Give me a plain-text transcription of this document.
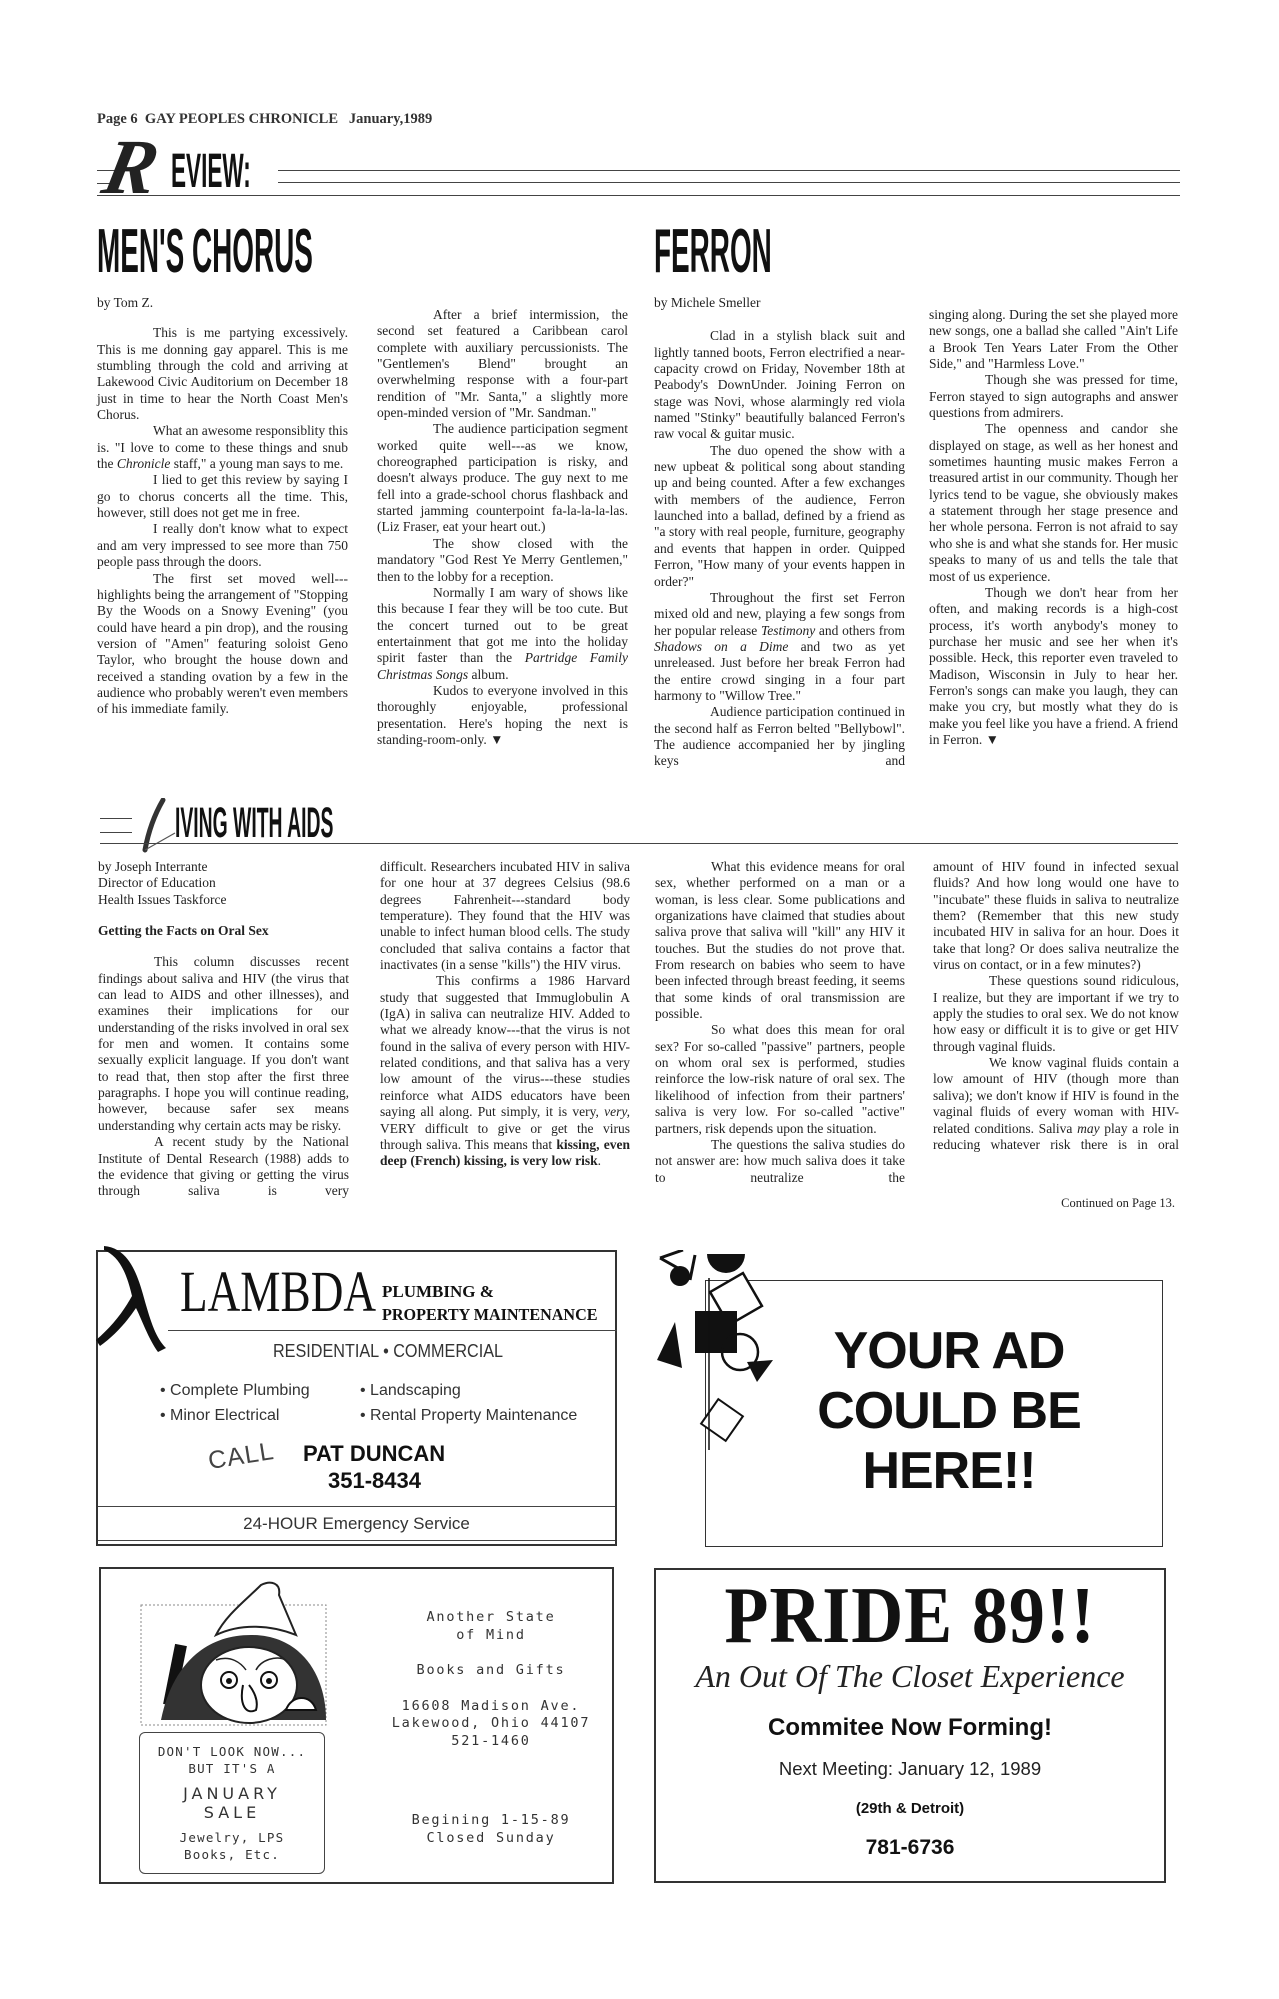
Page 6 GAY PEOPLES CHRONICLE January,1989
R EVIEW:
MEN'S CHORUS	FERRON
by Tom Z.

This is me partying excessively. This is me donning gay apparel. This is me stumbling through the cold and arriving at Lakewood Civic Auditorium on December 18 just in time to hear the North Coast Men's Chorus.

What an awesome responsiblity this is. "I love to come to these things and snub the Chronicle staff," a young man says to me.

I lied to get this review by saying I go to chorus concerts all the time. This, however, still does not get me in free.

I really don't know what to expect and am very impressed to see more than 750 people pass through the doors.

The first set moved well---highlights being the arrangement of "Stopping By the Woods on a Snowy Evening" (you could have heard a pin drop), and the rousing version of "Amen" featuring soloist Geno Taylor, who brought the house down and received a standing ovation by a few in the audience who probably weren't even members of his immediate family.

After a brief intermission, the second set featured a Caribbean carol complete with auxiliary percussionists. The "Gentlemen's Blend" brought an overwhelming response with a four-part rendition of "Mr. Santa," a slightly more open-minded version of "Mr. Sandman."

The audience participation segment worked quite well---as we know, choreographed participation is risky, and doesn't always produce. The guy next to me fell into a grade-school chorus flashback and started jamming counterpoint fa-la-la-la-las. (Liz Fraser, eat your heart out.)

The show closed with the mandatory "God Rest Ye Merry Gentlemen," then to the lobby for a reception.

Normally I am wary of shows like this because I fear they will be too cute. But the concert turned out to be great entertainment that got me into the holiday spirit faster than the Partridge Family Christmas Songs album.

Kudos to everyone involved in this thoroughly enjoyable, professional presentation. Here's hoping the next is standing-room-only. ▼

by Michele Smeller

Clad in a stylish black suit and lightly tanned boots, Ferron electrified a near-capacity crowd on Friday, November 18th at Peabody's DownUnder. Joining Ferron on stage was Novi, whose alarmingly red viola named "Stinky" beautifully balanced Ferron's raw vocal & guitar music.

The duo opened the show with a new upbeat & political song about standing up and being counted. After a few exchanges with members of the audience, Ferron launched into a ballad, defined by a friend as "a story with real people, furniture, geography and events that happen in order. Quipped Ferron, "How many of your events happen in order?"

Throughout the first set Ferron mixed old and new, playing a few songs from her popular release Testimony and others from Shadows on a Dime and two as yet unreleased. Just before her break Ferron had the entire crowd singing in a four part harmony to "Willow Tree."

Audience participation continued in the second half as Ferron belted "Bellybowl". The audience accompanied her by jingling keys and

singing along. During the set she played more new songs, one a ballad she called "Ain't Life a Brook Ten Years Later From the Other Side," and "Harmless Love."

Though she was pressed for time, Ferron stayed to sign autographs and answer questions from admirers.

The openness and candor she displayed on stage, as well as her honest and sometimes haunting music makes Ferron a treasured artist in our community. Though her lyrics tend to be vague, she obviously makes a statement through her stage presence and her whole persona. Ferron is not afraid to say who she is and what she stands for. Her music speaks to many of us and tells the tale that most of us experience.

Though we don't hear from her often, and making records is a high-cost process, it's worth anybody's money to purchase her music and see her when it's possible. Heck, this reporter even traveled to Madison, Wisconsin in July to hear her. Ferron's songs can make you laugh, they can make you cry, but mostly what they do is make you feel like you have a friend. A friend in Ferron. ▼

IVING WITH AIDS
by Joseph Interrante
Director of Education
Health Issues Taskforce
Getting the Facts on Oral Sex

This column discusses recent findings about saliva and HIV (the virus that can lead to AIDS and other illnesses), and examines their implications for our understanding of the risks involved in oral sex for men and women. It contains some sexually explicit language. If you don't want to read that, then stop after the first three paragraphs. I hope you will continue reading, however, because safer sex means understanding why certain acts may be risky.

A recent study by the National Institute of Dental Research (1988) adds to the evidence that giving or getting the virus through saliva is very

difficult. Researchers incubated HIV in saliva for one hour at 37 degrees Celsius (98.6 degrees Fahrenheit---standard body temperature). They found that the HIV was unable to infect human blood cells. The study concluded that saliva contains a factor that inactivates (in a sense "kills") the HIV virus.

This confirms a 1986 Harvard study that suggested that Immuglobulin A (IgA) in saliva can neutralize HIV. Added to what we already know---that the virus is not found in the saliva of every person with HIV-related conditions, and that saliva has a very low amount of the virus---these studies reinforce what AIDS educators have been saying all along. Put simply, it is very, very, VERY difficult to give or get the virus through saliva. This means that kissing, even deep (French) kissing, is very low risk.

What this evidence means for oral sex, whether performed on a man or a woman, is less clear. Some publications and organizations have claimed that studies about saliva prove that saliva will "kill" any HIV it touches. But the studies do not prove that. From research on babies who seem to have been infected through breast feeding, it seems that some kinds of oral transmission are possible.

So what does this mean for oral sex? For so-called "passive" partners, people on whom oral sex is performed, studies reinforce the low-risk nature of oral sex. The likelihood of infection from their partners' saliva is very low. For so-called "active" partners, risk depends upon the situation.

The questions the saliva studies do not answer are: how much saliva does it take to neutralize the

amount of HIV found in infected sexual fluids? And how long would one have to "incubate" these fluids in saliva to neutralize them? (Remember that this new study incubated HIV in saliva for an hour. Does it take that long? Or does saliva neutralize the virus on contact, or in a few minutes?)

These questions sound ridiculous, I realize, but they are important if we try to apply the studies to oral sex. We do not know how easy or difficult it is to give or get HIV through vaginal fluids.

We know vaginal fluids contain a low amount of HIV (though more than saliva); we don't know if HIV is found in the vaginal fluids of every woman with HIV-related conditions. Saliva may play a role in reducing whatever risk there is in oral

Continued on Page 13.
LAMBDA PLUMBING &
PROPERTY MAINTENANCE
RESIDENTIAL • COMMERCIAL
• Complete Plumbing	• Landscaping
• Minor Electrical	• Rental Property Maintenance
CALL PAT DUNCAN
351-8434
24-HOUR Emergency Service
YOUR AD
COULD BE
HERE!!
DON'T LOOK NOW...
BUT IT'S A
JANUARY
SALE
Jewelry, LPS
Books, Etc.
Another State
of Mind
Books and Gifts
16608 Madison Ave.
Lakewood, Ohio 44107
521-1460
Begining 1-15-89
Closed Sunday
PRIDE 89!!
An Out Of The Closet Experience
Commitee Now Forming!
Next Meeting: January 12, 1989
(29th & Detroit)
781-6736
